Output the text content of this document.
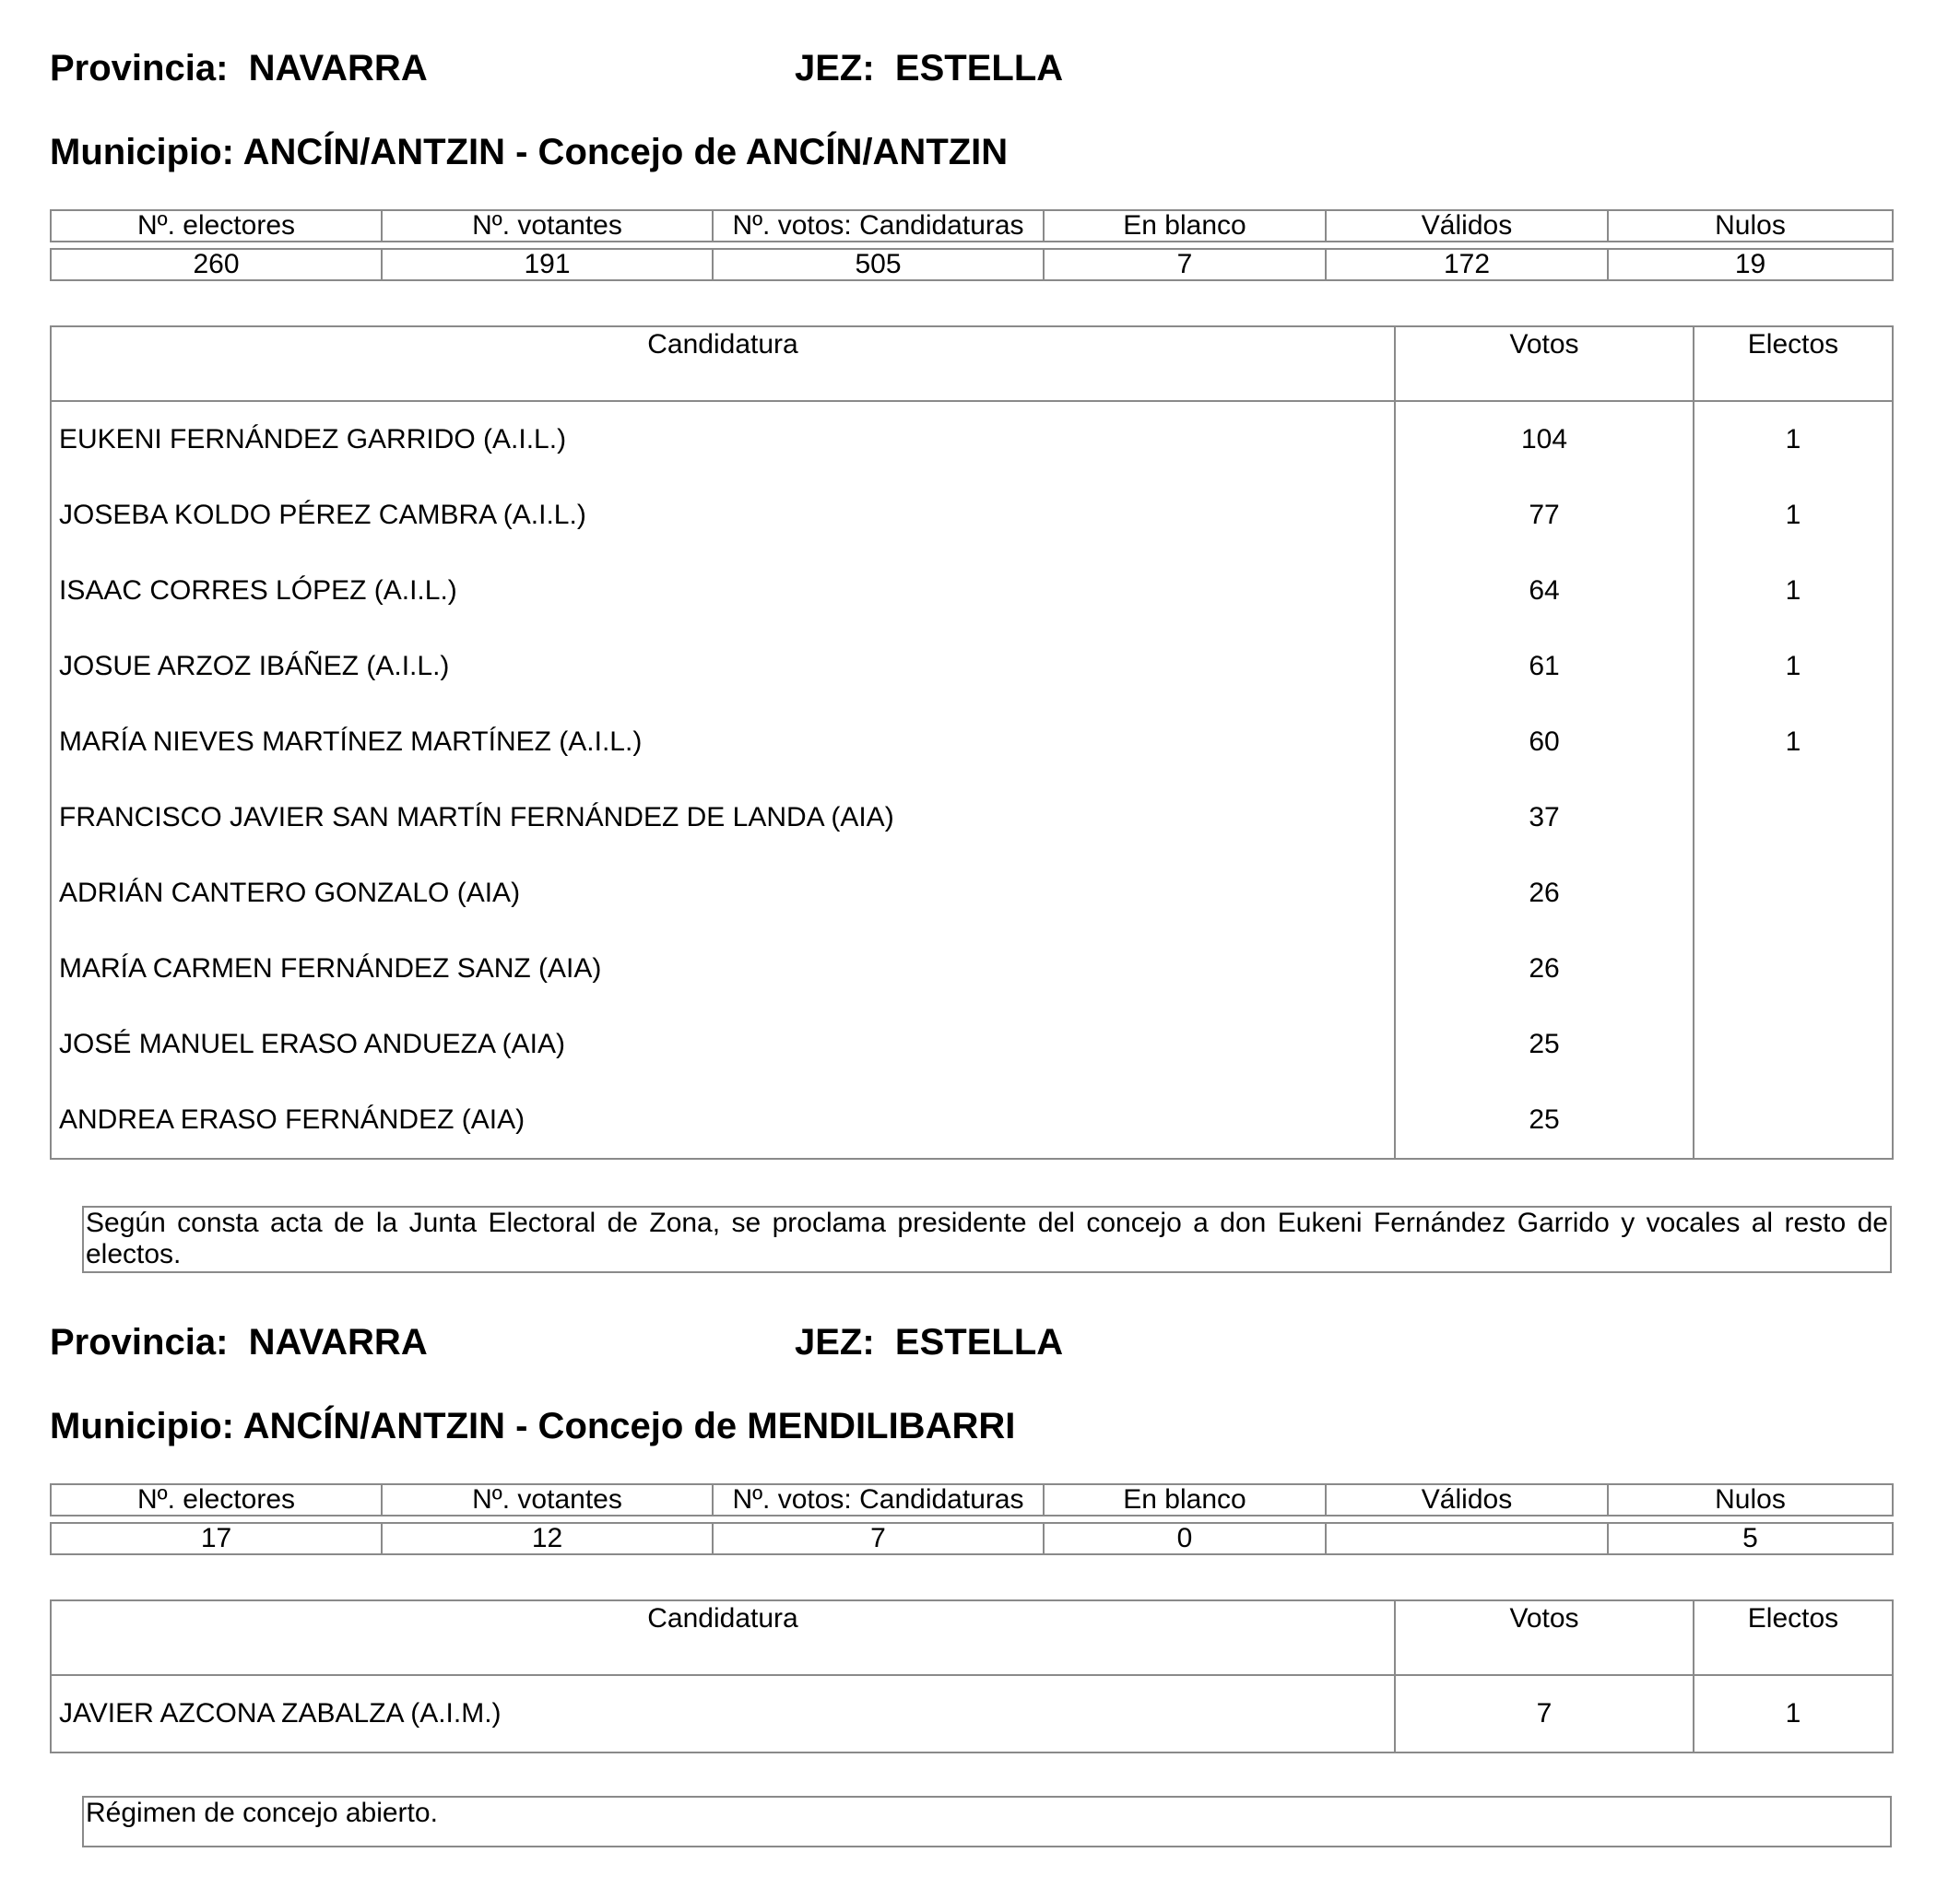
Provincia: NAVARRA	JEZ: ESTELLA
Municipio: ANCÍN/ANTZIN - Concejo de ANCÍN/ANTZIN
Nº. electores	Nº. votantes	Nº. votos: Candidaturas	En blanco	Válidos	Nulos
260	191	505	7	172	19
Candidatura	Votos	Electos
EUKENI FERNÁNDEZ GARRIDO (A.I.L.)	104	1
JOSEBA KOLDO PÉREZ CAMBRA (A.I.L.)	77	1
ISAAC CORRES LÓPEZ (A.I.L.)	64	1
JOSUE ARZOZ IBÁÑEZ (A.I.L.)	61	1
MARÍA NIEVES MARTÍNEZ MARTÍNEZ (A.I.L.)	60	1
FRANCISCO JAVIER SAN MARTÍN FERNÁNDEZ DE LANDA (AIA)	37	
ADRIÁN CANTERO GONZALO (AIA)	26	
MARÍA CARMEN FERNÁNDEZ SANZ (AIA)	26	
JOSÉ MANUEL ERASO ANDUEZA (AIA)	25	
ANDREA ERASO FERNÁNDEZ (AIA)	25	
Según consta acta de la Junta Electoral de Zona, se proclama presidente del concejo a don Eukeni Fernández Garrido y vocales al resto de electos.
Provincia: NAVARRA	JEZ: ESTELLA
Municipio: ANCÍN/ANTZIN - Concejo de MENDILIBARRI
Nº. electores	Nº. votantes	Nº. votos: Candidaturas	En blanco	Válidos	Nulos
17	12	7	0		5
Candidatura	Votos	Electos
JAVIER AZCONA ZABALZA (A.I.M.)	7	1
Régimen de concejo abierto.
